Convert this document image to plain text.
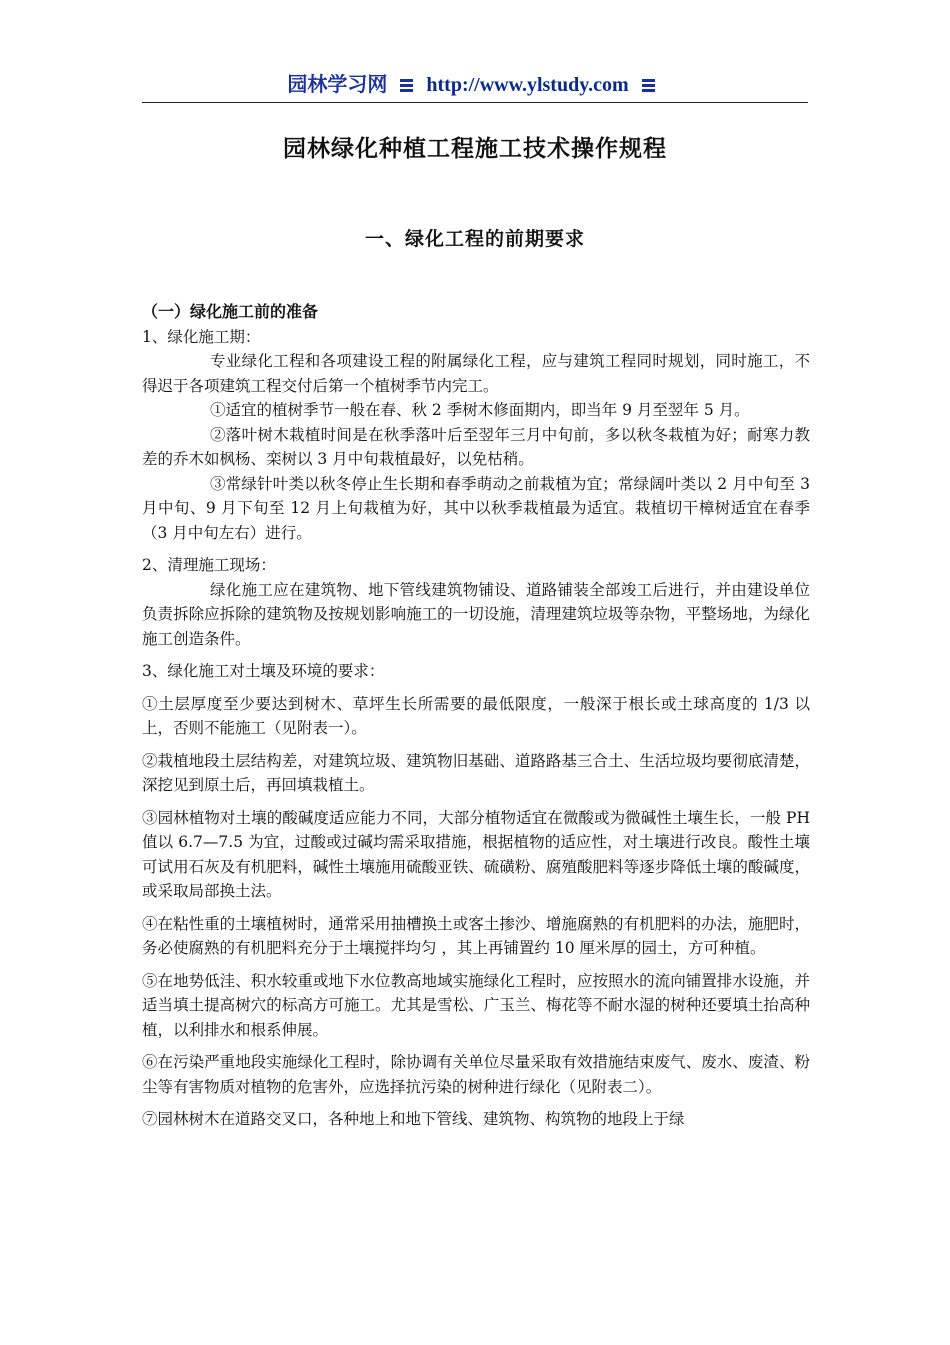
园林学习网 http://www.ylstudy.com
园林绿化种植工程施工技术操作规程
一、绿化工程的前期要求

（一）绿化施工前的准备

1、绿化施工期：

专业绿化工程和各项建设工程的附属绿化工程，应与建筑工程同时规划，同时施工，不得迟于各项建筑工程交付后第一个植树季节内完工。

①适宜的植树季节一般在春、秋 2 季树木修面期内，即当年 9 月至翌年 5 月。

②落叶树木栽植时间是在秋季落叶后至翌年三月中旬前，多以秋冬栽植为好；耐寒力教差的乔木如枫杨、栾树以 3 月中旬栽植最好，以免枯稍。

③常绿针叶类以秋冬停止生长期和春季萌动之前栽植为宜；常绿阔叶类以 2 月中旬至 3 月中旬、9 月下旬至 12 月上旬栽植为好，其中以秋季栽植最为适宜。栽植切干樟树适宜在春季（3 月中旬左右）进行。

2、清理施工现场：

绿化施工应在建筑物、地下管线建筑物铺设、道路铺装全部竣工后进行，并由建设单位负责拆除应拆除的建筑物及按规划影响施工的一切设施，清理建筑垃圾等杂物，平整场地，为绿化施工创造条件。

3、绿化施工对土壤及环境的要求：

①土层厚度至少要达到树木、草坪生长所需要的最低限度，一般深于根长或土球高度的 1/3 以上，否则不能施工（见附表一）。

②栽植地段土层结构差，对建筑垃圾、建筑物旧基础、道路路基三合土、生活垃圾均要彻底清楚，深挖见到原土后，再回填栽植土。

③园林植物对土壤的酸碱度适应能力不同，大部分植物适宜在微酸或为微碱性土壤生长，一般 PH 值以 6.7—7.5 为宜，过酸或过碱均需采取措施，根据植物的适应性，对土壤进行改良。酸性土壤可试用石灰及有机肥料，碱性土壤施用硫酸亚铁、硫磺粉、腐殖酸肥料等逐步降低土壤的酸碱度，或采取局部换土法。

④在粘性重的土壤植树时，通常采用抽槽换土或客土掺沙、增施腐熟的有机肥料的办法，施肥时，务必使腐熟的有机肥料充分于土壤搅拌均匀 ，其上再铺置约 10 厘米厚的园土，方可种植。

⑤在地势低洼、积水较重或地下水位教高地域实施绿化工程时，应按照水的流向铺置排水设施，并适当填土提高树穴的标高方可施工。尤其是雪松、广玉兰、梅花等不耐水湿的树种还要填土抬高种植，以利排水和根系伸展。

⑥在污染严重地段实施绿化工程时，除协调有关单位尽量采取有效措施结束废气、废水、废渣、粉尘等有害物质对植物的危害外，应选择抗污染的树种进行绿化（见附表二）。

⑦园林树木在道路交叉口，各种地上和地下管线、建筑物、构筑物的地段上于绿
